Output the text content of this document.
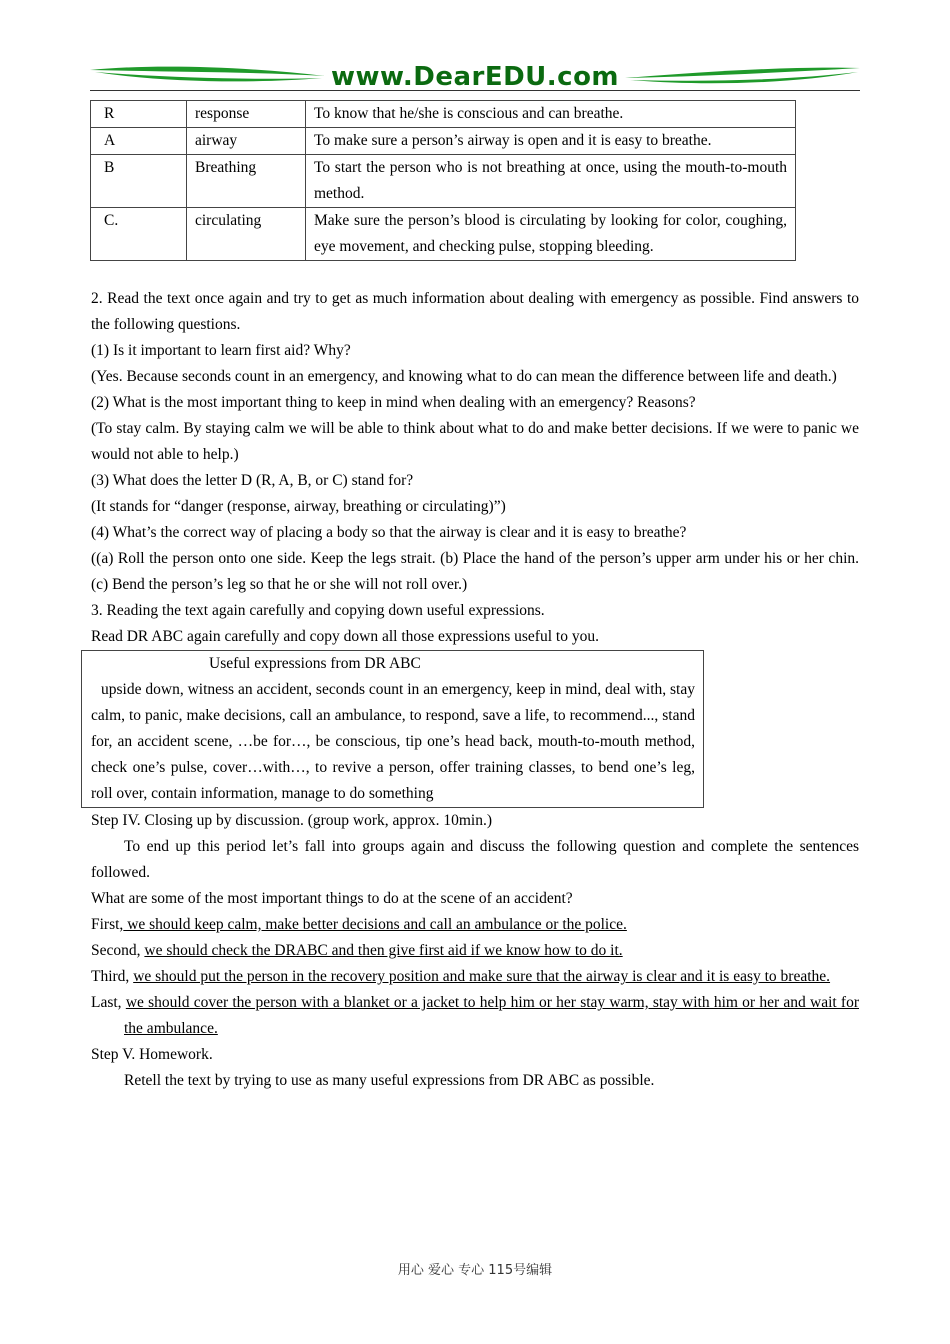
www.DearEDU.com
R	response	To know that he/she is conscious and can breathe.
A	airway	To make sure a person’s airway is open and it is easy to breathe.
B	Breathing	To start the person who is not breathing at once, using the mouth-to-mouth method.
C.	circulating	Make sure the person’s blood is circulating by looking for color, coughing, eye movement, and checking pulse, stopping bleeding.

2. Read the text once again and try to get as much information about dealing with emergency as possible. Find answers to the following questions.

(1) Is it important to learn first aid? Why?

(Yes. Because seconds count in an emergency, and knowing what to do can mean the difference between life and death.)

(2) What is the most important thing to keep in mind when dealing with an emergency? Reasons?

(To stay calm. By staying calm we will be able to think about what to do and make better decisions. If we were to panic we would not able to help.)

(3) What does the letter D (R, A, B, or C) stand for?

(It stands for “danger (response, airway, breathing or circulating)”)

(4) What’s the correct way of placing a body so that the airway is clear and it is easy to breathe?

((a) Roll the person onto one side. Keep the legs strait. (b) Place the hand of the person’s upper arm under his or her chin. (c) Bend the person’s leg so that he or she will not roll over.)

3. Reading the text again carefully and copying down useful expressions.

Read DR ABC again carefully and copy down all those expressions useful to you.

Useful expressions from DR ABC

upside down, witness an accident, seconds count in an emergency, keep in mind, deal with, stay calm, to panic, make decisions, call an ambulance, to respond, save a life, to recommend..., stand for, an accident scene, …be for…, be conscious, tip one’s head back, mouth-to-mouth method, check one’s pulse, cover…with…, to revive a person, offer training classes, to bend one’s leg, roll over, contain information, manage to do something

Step IV. Closing up by discussion. (group work, approx. 10min.)

To end up this period let’s fall into groups again and discuss the following question and complete the sentences followed.

What are some of the most important things to do at the scene of an accident?

First, we should keep calm, make better decisions and call an ambulance or the police.

Second, we should check the DRABC and then give first aid if we know how to do it.

Third, we should put the person in the recovery position and make sure that the airway is clear and it is easy to breathe.

Last, we should cover the person with a blanket or a jacket to help him or her stay warm, stay with him or her and wait for the ambulance.

Step V. Homework.

Retell the text by trying to use as many useful expressions from DR ABC as possible.

用心 爱心 专心 115号编辑
